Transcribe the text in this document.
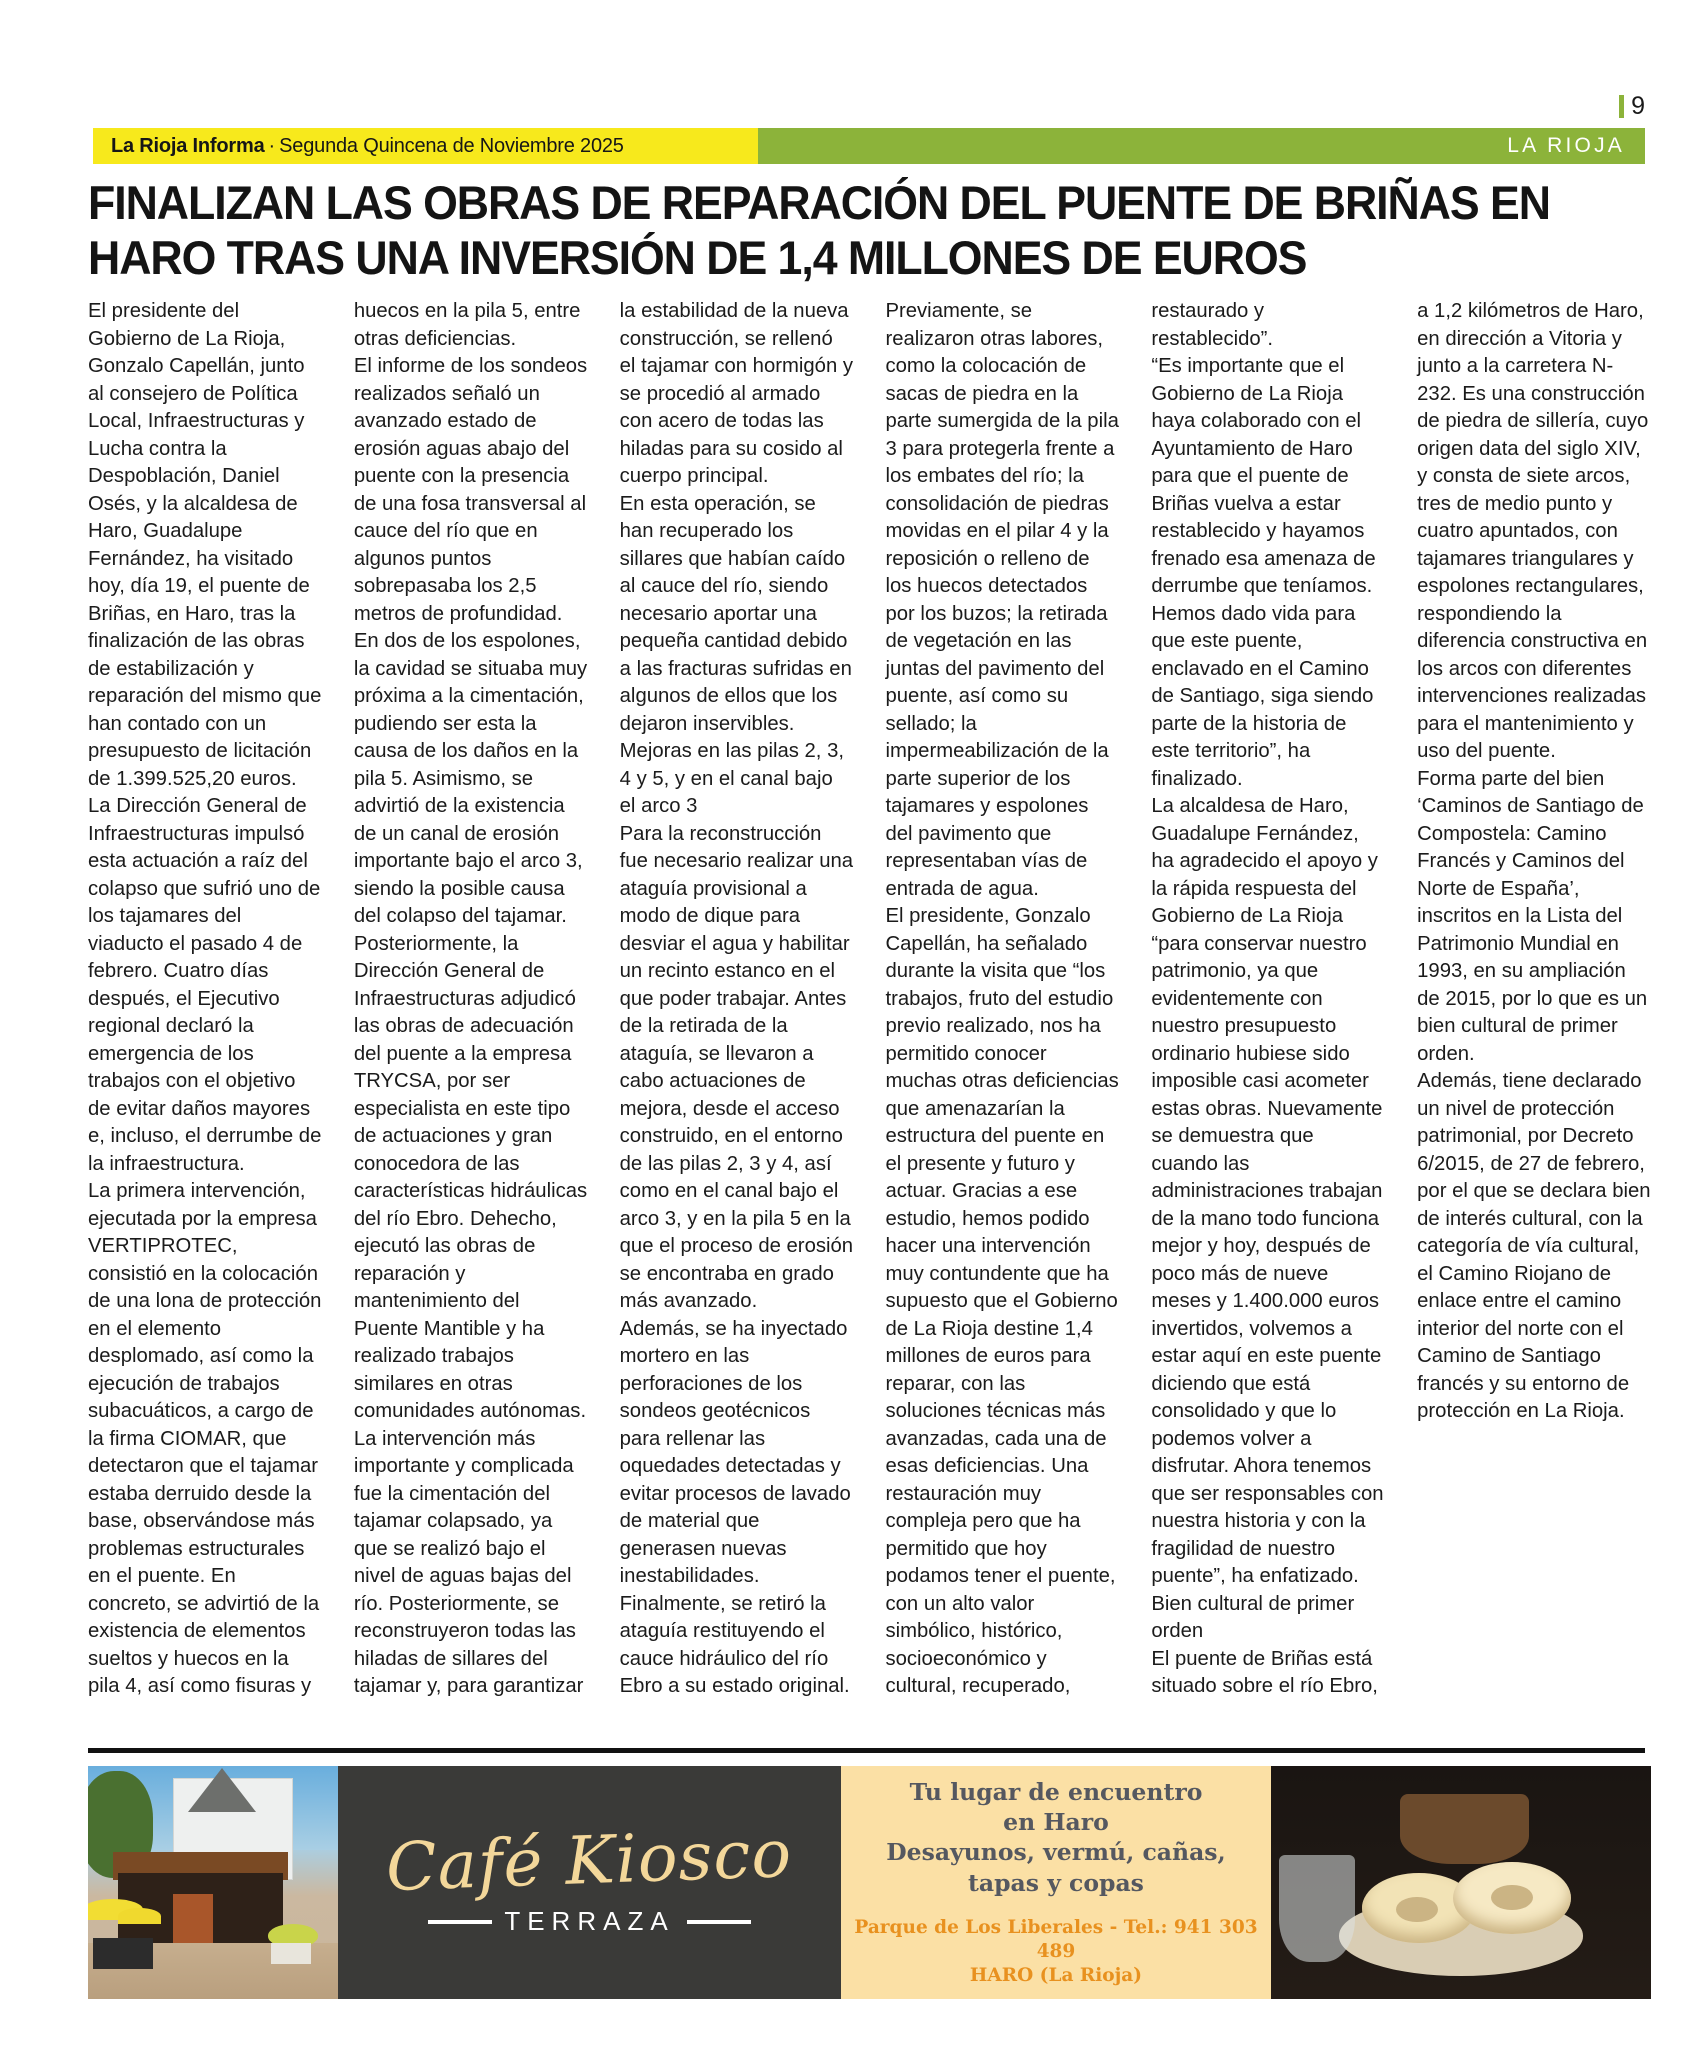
9
La Rioja Informa · Segunda Quincena de Noviembre 2025	LA RIOJA
FINALIZAN LAS OBRAS DE REPARACIÓN DEL PUENTE DE BRIÑAS EN HARO TRAS UNA INVERSIÓN DE 1,4 MILLONES DE EUROS

El presidente del Gobierno de La Rioja, Gonzalo Capellán, junto al consejero de Política Local, Infraestructuras y Lucha contra la Despoblación, Daniel Osés, y la alcaldesa de Haro, Guadalupe Fernández, ha visitado hoy, día 19, el puente de Briñas, en Haro, tras la finalización de las obras de estabilización y reparación del mismo que han contado con un presupuesto de licitación de 1.399.525,20 euros.

La Dirección General de Infraestructuras impulsó esta actuación a raíz del colapso que sufrió uno de los tajamares del viaducto el pasado 4 de febrero. Cuatro días después, el Ejecutivo regional declaró la emergencia de los trabajos con el objetivo de evitar daños mayores e, incluso, el derrumbe de la infraestructura.

La primera intervención, ejecutada por la empresa VERTIPROTEC, consistió en la colocación de una lona de protección en el elemento desplomado, así como la ejecución de trabajos subacuáticos, a cargo de la firma CIOMAR, que detectaron que el tajamar estaba derruido desde la base, observándose más problemas estructurales en el puente. En concreto, se advirtió de la existencia de elementos sueltos y huecos en la pila 4, así como fisuras y huecos en la pila 5, entre otras deficiencias.

El informe de los sondeos realizados señaló un avanzado estado de erosión aguas abajo del puente con la presencia de una fosa transversal al cauce del río que en algunos puntos sobrepasaba los 2,5 metros de profundidad. En dos de los espolones, la cavidad se situaba muy próxima a la cimentación, pudiendo ser esta la causa de los daños en la pila 5. Asimismo, se advirtió de la existencia de un canal de erosión importante bajo el arco 3, siendo la posible causa del colapso del tajamar.

Posteriormente, la Dirección General de Infraestructuras adjudicó las obras de adecuación del puente a la empresa TRYCSA, por ser especialista en este tipo de actuaciones y gran conocedora de las características hidráulicas del río Ebro. Dehecho, ejecutó las obras de reparación y mantenimiento del Puente Mantible y ha realizado trabajos similares en otras comunidades autónomas.

La intervención más importante y complicada fue la cimentación del tajamar colapsado, ya que se realizó bajo el nivel de aguas bajas del río. Posteriormente, se reconstruyeron todas las hiladas de sillares del tajamar y, para garantizar la estabilidad de la nueva construcción, se rellenó el tajamar con hormigón y se procedió al armado con acero de todas las hiladas para su cosido al cuerpo principal.

En esta operación, se han recuperado los sillares que habían caído al cauce del río, siendo necesario aportar una pequeña cantidad debido a las fracturas sufridas en algunos de ellos que los dejaron inservibles.

Mejoras en las pilas 2, 3, 4 y 5, y en el canal bajo el arco 3

Para la reconstrucción fue necesario realizar una ataguía provisional a modo de dique para

desviar el agua y habilitar un recinto estanco en el que poder trabajar. Antes de la retirada de la ataguía, se llevaron a cabo actuaciones de mejora, desde el acceso construido, en el entorno de las pilas 2, 3 y 4, así como en el canal bajo el arco 3, y en la pila 5 en la que el proceso de erosión se encontraba en grado más avanzado.

Además, se ha inyectado mortero en las perforaciones de los sondeos geotécnicos para rellenar las oquedades detectadas y evitar procesos de lavado de material que generasen nuevas inestabilidades. Finalmente, se retiró la ataguía restituyendo el cauce hidráulico del río Ebro a su estado original.

Previamente, se realizaron otras labores, como la colocación de sacas de piedra en la parte sumergida de la pila 3 para protegerla frente a los embates del río; la consolidación de piedras movidas en el pilar 4 y la reposición o relleno de los huecos detectados por los buzos; la retirada de vegetación en las juntas del pavimento del puente, así como su sellado; la impermeabilización de la parte superior de los tajamares y espolones del pavimento que representaban vías de entrada de agua.

El presidente, Gonzalo Capellán, ha señalado durante la visita que “los trabajos, fruto del estudio previo realizado, nos ha permitido conocer muchas otras deficiencias que amenazarían la estructura del puente en el presente y futuro y actuar. Gracias a ese estudio, hemos podido hacer una intervención muy contundente que ha supuesto que el Gobierno de La Rioja destine 1,4 millones de euros para reparar, con las soluciones técnicas más avanzadas, cada una de esas deficiencias. Una restauración muy compleja pero que ha permitido que hoy podamos tener el puente, con un alto valor simbólico, histórico, socioeconómico y cultural, recuperado, restaurado y restablecido”.

“Es importante que el Gobierno de La Rioja haya colaborado con el Ayuntamiento de Haro para que el puente de Briñas vuelva a estar restablecido y hayamos frenado esa amenaza de derrumbe que teníamos. Hemos dado vida para que este puente,

enclavado en el Camino de Santiago, siga siendo parte de la historia de este territorio”, ha finalizado.

La alcaldesa de Haro, Guadalupe Fernández, ha agradecido el apoyo y la rápida respuesta del Gobierno de La Rioja “para conservar nuestro patrimonio, ya que evidentemente con nuestro presupuesto ordinario hubiese sido imposible casi acometer estas obras. Nuevamente se demuestra que cuando las administraciones trabajan de la mano todo funciona mejor y hoy, después de poco más de nueve meses y 1.400.000 euros invertidos, volvemos a estar aquí en este puente diciendo que está consolidado y que lo podemos volver a disfrutar. Ahora tenemos que ser responsables con nuestra historia y con la fragilidad de nuestro puente”, ha enfatizado.

Bien cultural de primer orden

El puente de Briñas está situado sobre el río Ebro, a 1,2 kilómetros de Haro, en dirección a Vitoria y junto a la carretera N-232. Es una construcción de piedra de sillería, cuyo origen data del siglo XIV, y consta de siete arcos, tres de medio punto y cuatro apuntados, con tajamares triangulares y espolones rectangulares, respondiendo la diferencia constructiva en los arcos con diferentes intervenciones realizadas para el mantenimiento y uso del puente.

Forma parte del bien ‘Caminos de Santiago de Compostela: Camino Francés y Caminos del Norte de España’, inscritos en la Lista del Patrimonio Mundial en 1993, en su ampliación de 2015, por lo que es un bien cultural de primer orden.

Además, tiene declarado un nivel de protección patrimonial, por Decreto 6/2015, de 27 de febrero, por el que se declara bien de interés cultural, con la categoría de vía cultural, el Camino Riojano de enlace entre el camino interior del norte con el Camino de Santiago francés y su entorno de protección en La Rioja.

Café Kiosco
TERRAZA
Tu lugar de encuentro
en Haro
Desayunos, vermú, cañas,
tapas y copas
Parque de Los Liberales - Tel.: 941 303 489
HARO (La Rioja)
